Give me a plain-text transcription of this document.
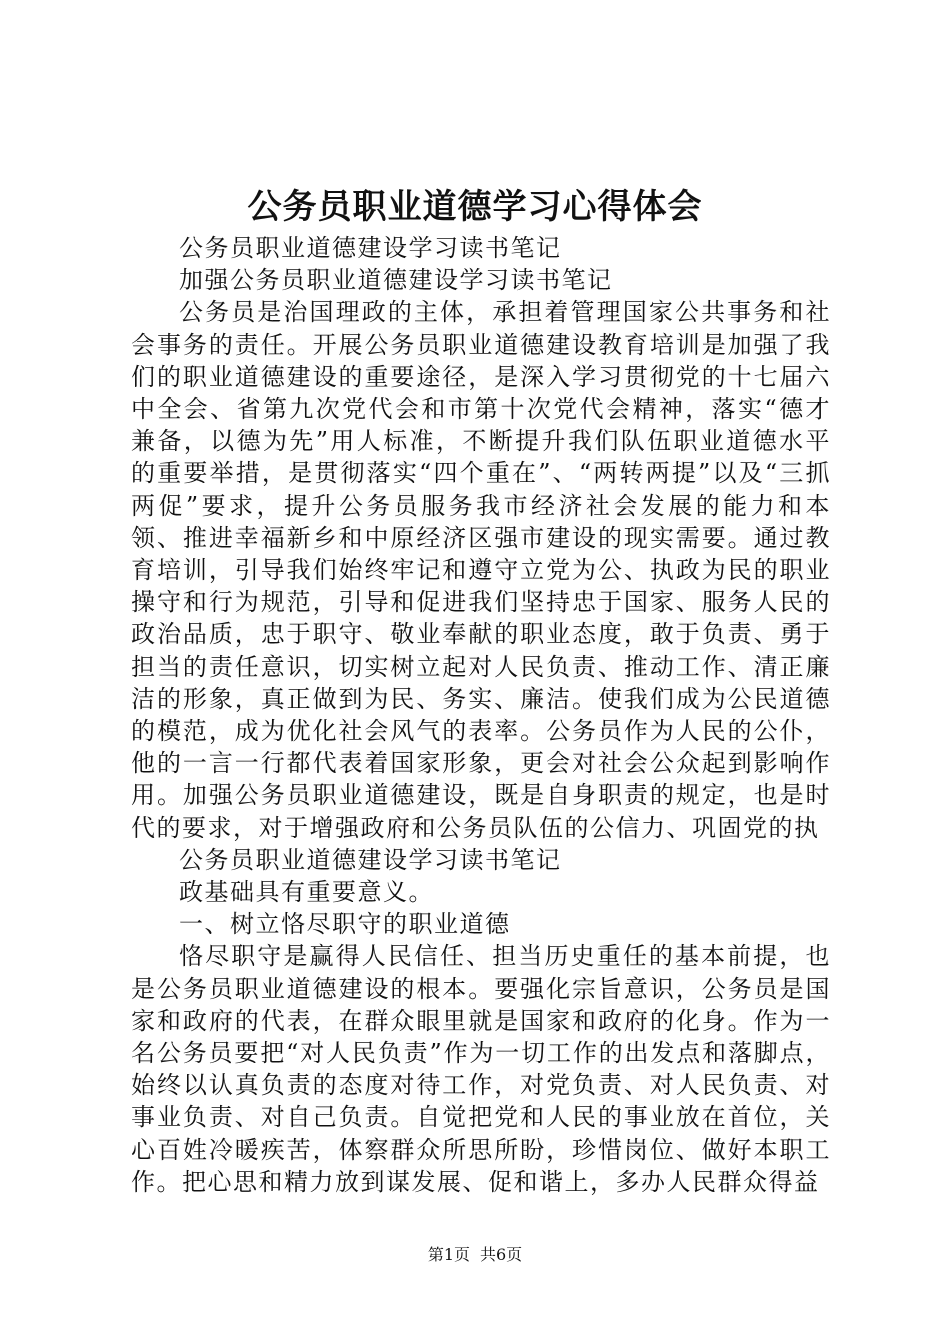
公务员职业道德学习心得体会

公务员职业道德建设学习读书笔记

加强公务员职业道德建设学习读书笔记

公务员是治国理政的主体，承担着管理国家公共事务和社会事务的责任。开展公务员职业道德建设教育培训是加强了我们的职业道德建设的重要途径，是深入学习贯彻党的十七届六中全会、省第九次党代会和市第十次党代会精神，落实“德才兼备，以德为先”用人标准，不断提升我们队伍职业道德水平的重要举措，是贯彻落实“四个重在”、“两转两提”以及“三抓两促”要求，提升公务员服务我市经济社会发展的能力和本领、推进幸福新乡和中原经济区强市建设的现实需要。通过教育培训，引导我们始终牢记和遵守立党为公、执政为民的职业操守和行为规范，引导和促进我们坚持忠于国家、服务人民的政治品质，忠于职守、敬业奉献的职业态度，敢于负责、勇于担当的责任意识，切实树立起对人民负责、推动工作、清正廉洁的形象，真正做到为民、务实、廉洁。使我们成为公民道德的模范，成为优化社会风气的表率。公务员作为人民的公仆，他的一言一行都代表着国家形象，更会对社会公众起到影响作用。加强公务员职业道德建设，既是自身职责的规定，也是时代的要求，对于增强政府和公务员队伍的公信力、巩固党的执

公务员职业道德建设学习读书笔记

政基础具有重要意义。

一、树立恪尽职守的职业道德

恪尽职守是赢得人民信任、担当历史重任的基本前提，也是公务员职业道德建设的根本。要强化宗旨意识，公务员是国家和政府的代表，在群众眼里就是国家和政府的化身。作为一名公务员要把“对人民负责”作为一切工作的出发点和落脚点，始终以认真负责的态度对待工作，对党负责、对人民负责、对事业负责、对自己负责。自觉把党和人民的事业放在首位，关心百姓冷暖疾苦，体察群众所思所盼，珍惜岗位、做好本职工作。把心思和精力放到谋发展、促和谐上，多办人民群众得益

第1页 共6页
